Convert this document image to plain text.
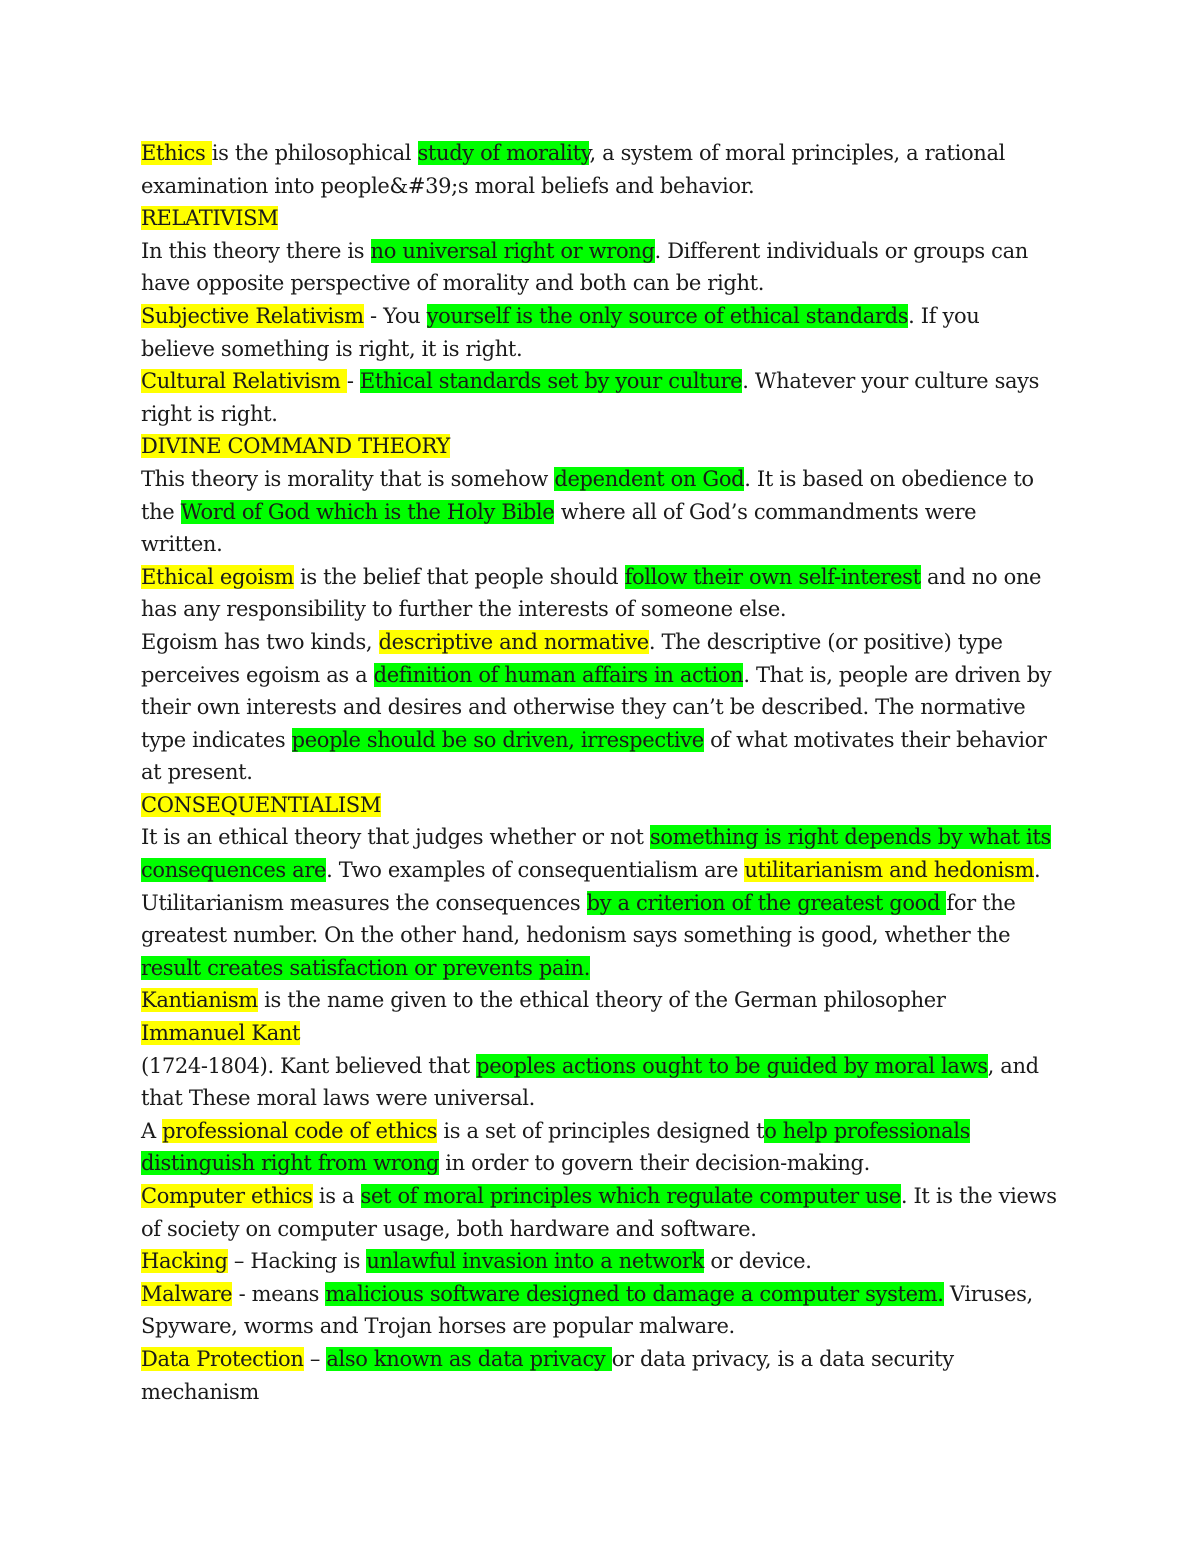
Ethics is the philosophical study of morality, a system of moral principles, a rational
examination into people&#39;s moral beliefs and behavior.
RELATIVISM
In this theory there is no universal right or wrong. Different individuals or groups can
have opposite perspective of morality and both can be right.
Subjective Relativism - You yourself is the only source of ethical standards. If you
believe something is right, it is right.
Cultural Relativism - Ethical standards set by your culture. Whatever your culture says
right is right.
DIVINE COMMAND THEORY
This theory is morality that is somehow dependent on God. It is based on obedience to
the Word of God which is the Holy Bible where all of God’s commandments were
written.
Ethical egoism is the belief that people should follow their own self-interest and no one
has any responsibility to further the interests of someone else.
Egoism has two kinds, descriptive and normative. The descriptive (or positive) type
perceives egoism as a definition of human affairs in action. That is, people are driven by
their own interests and desires and otherwise they can’t be described. The normative
type indicates people should be so driven, irrespective of what motivates their behavior
at present.
CONSEQUENTIALISM
It is an ethical theory that judges whether or not something is right depends by what its
consequences are. Two examples of consequentialism are utilitarianism and hedonism.
Utilitarianism measures the consequences by a criterion of the greatest good for the
greatest number. On the other hand, hedonism says something is good, whether the
result creates satisfaction or prevents pain.
Kantianism is the name given to the ethical theory of the German philosopher
Immanuel Kant
(1724-1804). Kant believed that peoples actions ought to be guided by moral laws, and
that These moral laws were universal.
A professional code of ethics is a set of principles designed to help professionals
distinguish right from wrong in order to govern their decision-making.
Computer ethics is a set of moral principles which regulate computer use. It is the views
of society on computer usage, both hardware and software.
Hacking – Hacking is unlawful invasion into a network or device.
Malware - means malicious software designed to damage a computer system. Viruses,
Spyware, worms and Trojan horses are popular malware.
Data Protection – also known as data privacy or data privacy, is a data security
mechanism
